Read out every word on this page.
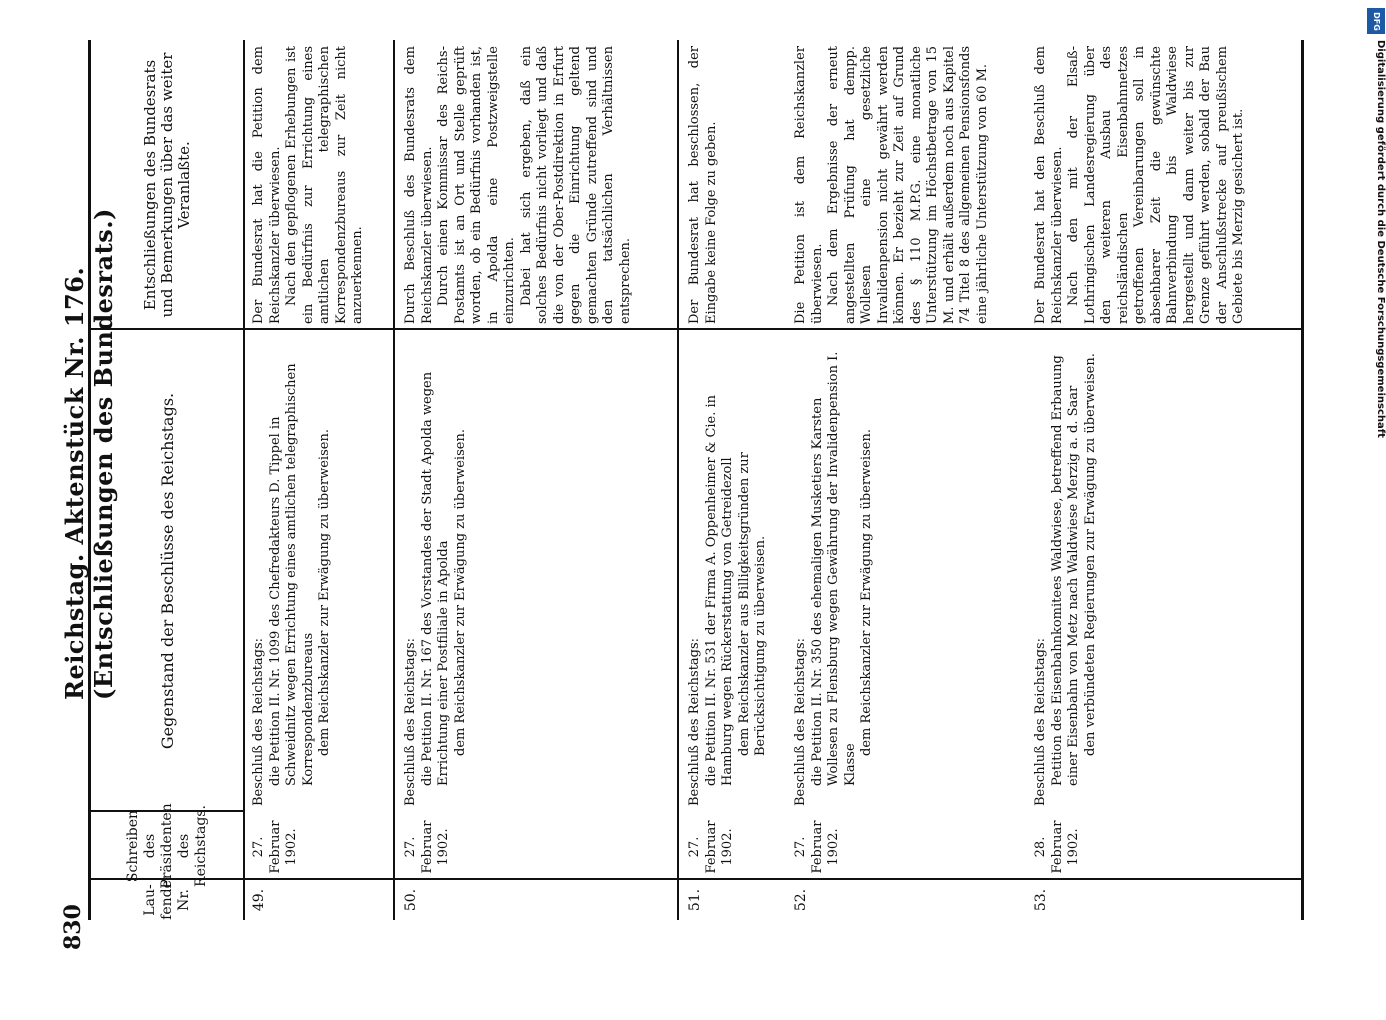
830
Reichstag. Aktenstück Nr. 176. (Entschließungen des Bundesrats.)
Lau- fende Nr.
Schreiben des Präsidenten des Reichstags.
Gegenstand der Beschlüsse des Reichstags.
Entschließungen des Bundesrats und Bemerkungen über das weiter Veranlaßte.
49.
27. Februar 1902.
Beschluß des Reichstags: die Petition II. Nr. 1099 des Chefredakteurs D. Tippel in Schweidnitz wegen Errichtung eines amtlichen telegraphischen Korrespondenzbureaus dem Reichskanzler zur Erwägung zu überweisen.
Der Bundesrat hat die Petition dem Reichskanzler überwiesen. Nach den gepflogenen Erhebungen ist ein Bedürfnis zur Errichtung eines amtlichen telegraphischen Korrespondenzbureaus zur Zeit nicht anzuerkennen.
50.
27. Februar 1902.
Beschluß des Reichstags: die Petition II. Nr. 167 des Vorstandes der Stadt Apolda wegen Errichtung einer Postfiliale in Apolda dem Reichskanzler zur Erwägung zu überweisen.
Durch Beschluß des Bundesrats dem Reichskanzler überwiesen. Durch einen Kommissar des Reichs-Postamts ist an Ort und Stelle geprüft worden, ob ein Bedürfnis vorhanden ist, in Apolda eine Postzweigstelle einzurichten. Dabei hat sich ergeben, daß ein solches Bedürfnis nicht vorliegt und daß die von der Ober-Postdirektion in Erfurt gegen die Einrichtung geltend gemachten Gründe zutreffend sind und den tatsächlichen Verhältnissen entsprechen.
51.
27. Februar 1902.
Beschluß des Reichstags: die Petition II. Nr. 531 der Firma A. Oppenheimer & Cie. in Hamburg wegen Rückerstattung von Getreidezoll dem Reichskanzler aus Billigkeitsgründen zur Berücksichtigung zu überweisen.
Der Bundesrat hat beschlossen, der Eingabe keine Folge zu geben.
52.
27. Februar 1902.
Beschluß des Reichstags: die Petition II. Nr. 350 des ehemaligen Musketiers Karsten Wollesen zu Flensburg wegen Gewährung der Invalidenpension I. Klasse
dem Reichskanzler zur Erwägung zu überweisen.
Die Petition ist dem Reichskanzler überwiesen. Nach dem Ergebnisse der erneut angestellten Prüfung hat dempp. Wollesen eine gesetzliche Invalidenpension nicht gewährt werden können. Er bezieht zur Zeit auf Grund des § 110 M.P.G. eine monatliche Unterstützung im Höchstbetrage von 15 M. und erhält außerdem noch aus Kapitel 74 Titel 8 des allgemeinen Pensionsfonds eine jährliche Unterstützung von 60 M.
53.
28. Februar 1902.
Beschluß des Reichstags: Petition des Eisenbahnkomitees Waldwiese, betreffend Erbauung einer Eisenbahn von Metz nach Waldwiese Merzig a. d. Saar den verbündeten Regierungen zur Erwägung zu überweisen.
Der Bundesrat hat den Beschluß dem Reichskanzler überwiesen. Nach den mit der Elsaß-Lothringischen Landesregierung über den weiteren Ausbau des reichsländischen Eisenbahnnetzes getroffenen Vereinbarungen soll in absehbarer Zeit die gewünschte Bahnverbindung bis Waldwiese hergestellt und dann weiter bis zur Grenze geführt werden, sobald der Bau der Anschlußstrecke auf preußischem Gebiete bis Merzig gesichert ist.
DFG
Digitalisierung gefördert durch die Deutsche Forschungsgemeinschaft
